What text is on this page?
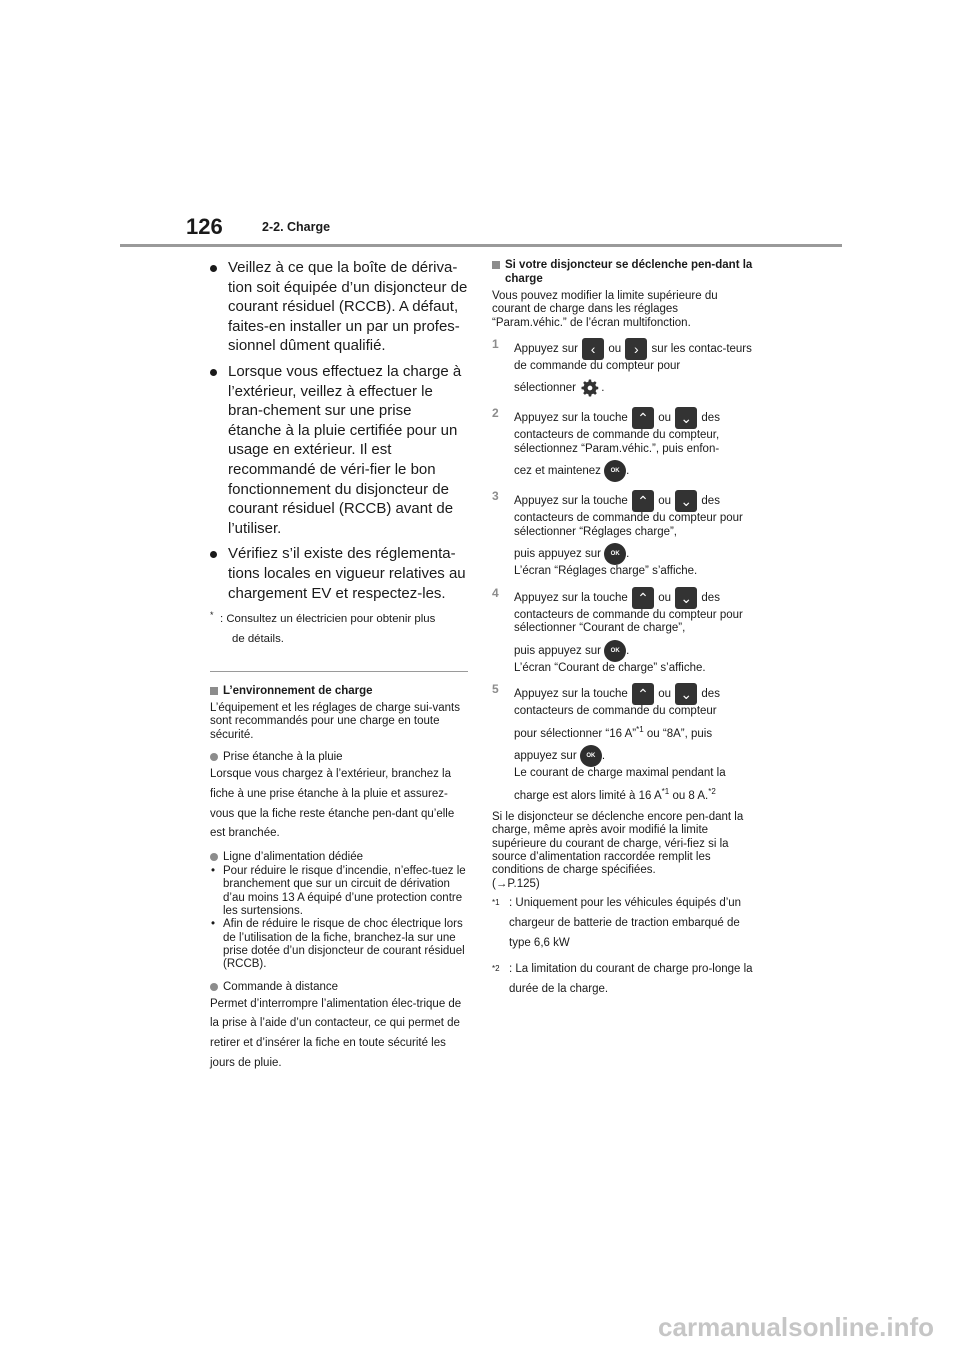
126	2-2. Charge
Veillez à ce que la boîte de dériva-tion soit équipée d’un disjoncteur de courant résiduel (RCCB). A défaut, faites-en installer un par un profes-sionnel dûment qualifié.
Lorsque vous effectuez la charge à l’extérieur, veillez à effectuer le bran-chement sur une prise étanche à la pluie certifiée pour un usage en extérieur. Il est recommandé de véri-fier le bon fonctionnement du disjoncteur de courant résiduel (RCCB) avant de l’utiliser.
Vérifiez s’il existe des réglementa-tions locales en vigueur relatives au chargement EV et respectez-les.
* : Consultez un électricien pour obtenir plus
de détails.
L’environnement de charge
L’équipement et les réglages de charge sui-vants sont recommandés pour une charge en toute sécurité.
Prise étanche à la pluie
Lorsque vous chargez à l’extérieur, branchez la fiche à une prise étanche à la pluie et assurez-vous que la fiche reste étanche pen-dant qu’elle est branchée.
Ligne d’alimentation dédiée
• Pour réduire le risque d’incendie, n’effec-tuez le branchement que sur un circuit de dérivation d’au moins 13 A équipé d’une protection contre les surtensions.
• Afin de réduire le risque de choc électrique lors de l’utilisation de la fiche, branchez-la sur une prise dotée d’un disjoncteur de courant résiduel (RCCB).
Commande à distance
Permet d’interrompre l’alimentation élec-trique de la prise à l’aide d’un contacteur, ce qui permet de retirer et d’insérer la fiche en toute sécurité les jours de pluie.
Si votre disjoncteur se déclenche pen-dant la charge
Vous pouvez modifier la limite supérieure du courant de charge dans les réglages “Param.véhic.” de l’écran multifonction.
1 Appuyez sur ‹ ou › sur les contac-teurs de commande du compteur pour
sélectionner .
2 Appuyez sur la touche ⌃ ou ⌄ des contacteurs de commande du compteur, sélectionnez “Param.véhic.”, puis enfon-
cez et maintenez OK .
3 Appuyez sur la touche ⌃ ou ⌄ des contacteurs de commande du compteur pour sélectionner “Réglages charge”,
puis appuyez sur OK .
L’écran “Réglages charge” s’affiche.
4 Appuyez sur la touche ⌃ ou ⌄ des contacteurs de commande du compteur pour sélectionner “Courant de charge”,
puis appuyez sur OK .
L’écran “Courant de charge” s’affiche.
5 Appuyez sur la touche ⌃ ou ⌄ des contacteurs de commande du compteur
pour sélectionner “16 A”$^{*1}$ ou “8A”, puis
appuyez sur OK .
Le courant de charge maximal pendant la
charge est alors limité à 16 $A^{*1}$ ou 8 A.$^{*2}$
Si le disjoncteur se déclenche encore pen-dant la charge, même après avoir modifié la limite supérieure du courant de charge, véri-fiez si la source d’alimentation raccordée remplit les conditions de charge spécifiées.
(→P.125)
*1 : Uniquement pour les véhicules équipés d’un chargeur de batterie de traction embarqué de type 6,6 kW
*2 : La limitation du courant de charge pro-longe la durée de la charge.
carmanualsonline.info
